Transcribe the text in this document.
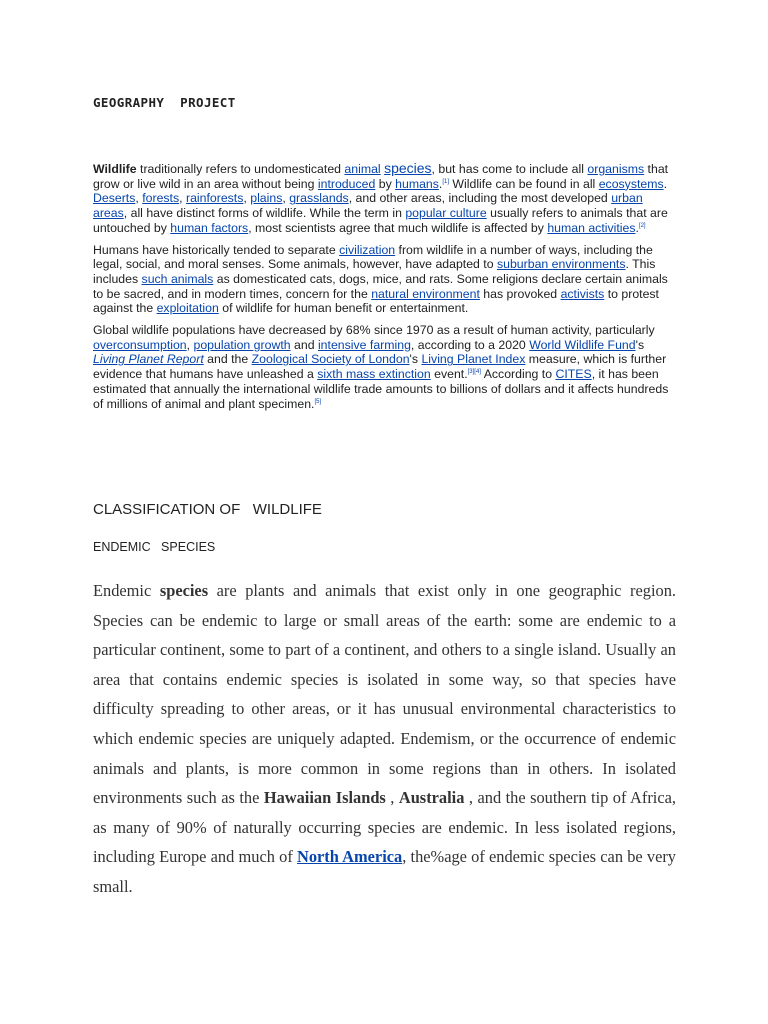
GEOGRAPHY  PROJECT

Wildlife traditionally refers to undomesticated animal species, but has come to include all organisms that grow or live wild in an area without being introduced by humans.[1] Wildlife can be found in all ecosystems. Deserts, forests, rainforests, plains, grasslands, and other areas, including the most developed urban areas, all have distinct forms of wildlife. While the term in popular culture usually refers to animals that are untouched by human factors, most scientists agree that much wildlife is affected by human activities.[2]

Humans have historically tended to separate civilization from wildlife in a number of ways, including the legal, social, and moral senses. Some animals, however, have adapted to suburban environments. This includes such animals as domesticated cats, dogs, mice, and rats. Some religions declare certain animals to be sacred, and in modern times, concern for the natural environment has provoked activists to protest against the exploitation of wildlife for human benefit or entertainment.

Global wildlife populations have decreased by 68% since 1970 as a result of human activity, particularly overconsumption, population growth and intensive farming, according to a 2020 World Wildlife Fund's Living Planet Report and the Zoological Society of London's Living Planet Index measure, which is further evidence that humans have unleashed a sixth mass extinction event.[3][4] According to CITES, it has been estimated that annually the international wildlife trade amounts to billions of dollars and it affects hundreds of millions of animal and plant specimen.[5]

CLASSIFICATION OF   WILDLIFE
ENDEMIC   SPECIES
Endemic species are plants and animals that exist only in one geographic region. Species can be endemic to large or small areas of the earth: some are endemic to a particular continent, some to part of a continent, and others to a single island. Usually an area that contains endemic species is isolated in some way, so that species have difficulty spreading to other areas, or it has unusual environmental characteristics to which endemic species are uniquely adapted. Endemism, or the occurrence of endemic animals and plants, is more common in some regions than in others. In isolated environments such as the Hawaiian Islands , Australia , and the southern tip of Africa, as many of 90% of naturally occurring species are endemic. In less isolated regions, including Europe and much of North America, the%age of endemic species can be very small.
